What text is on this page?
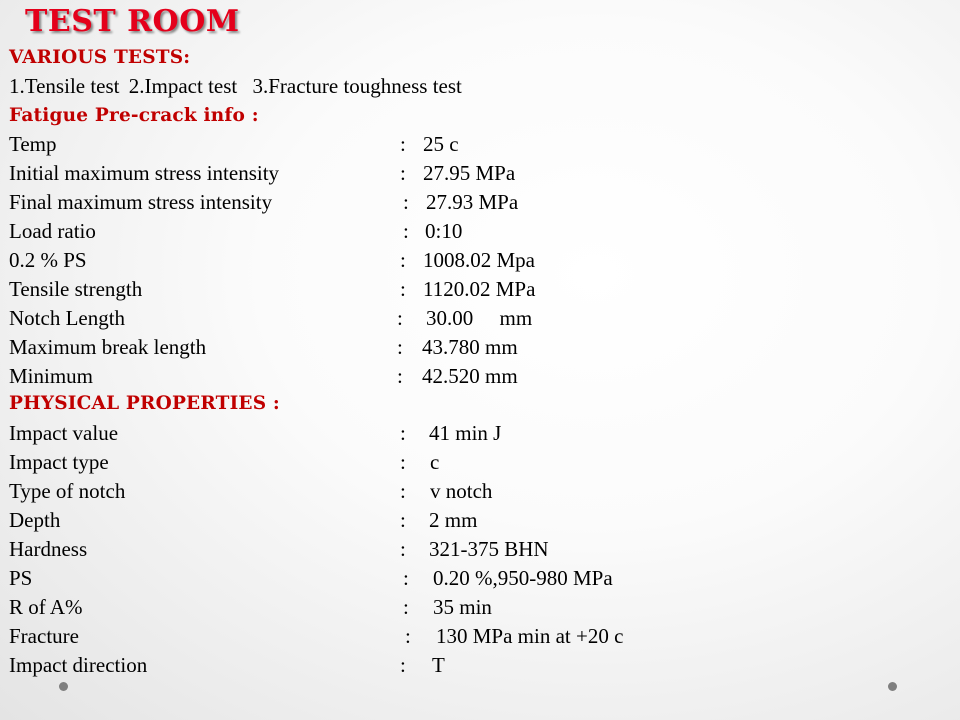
TEST ROOM
VARIOUS TESTS:
1.Tensile test 2.Impact test 3.Fracture toughness test
Fatigue Pre-crack info :
Temp	: 25 c
Initial maximum stress intensity	: 27.95 MPa
Final maximum stress intensity	: 27.93 MPa
Load ratio	: 0:10
0.2 % PS	: 1008.02 Mpa
Tensile strength	: 1120.02 MPa
Notch Length	: 30.00     mm
Maximum break length	: 43.780 mm
Minimum	: 42.520 mm
PHYSICAL PROPERTIES :
Impact value	: 41 min J
Impact type	: c
Type of notch	: v notch
Depth	: 2 mm
Hardness	: 321-375 BHN
PS	: 0.20 %,950-980 MPa
R of A%	: 35 min
Fracture	: 130 MPa min at +20 c
Impact direction	: T
